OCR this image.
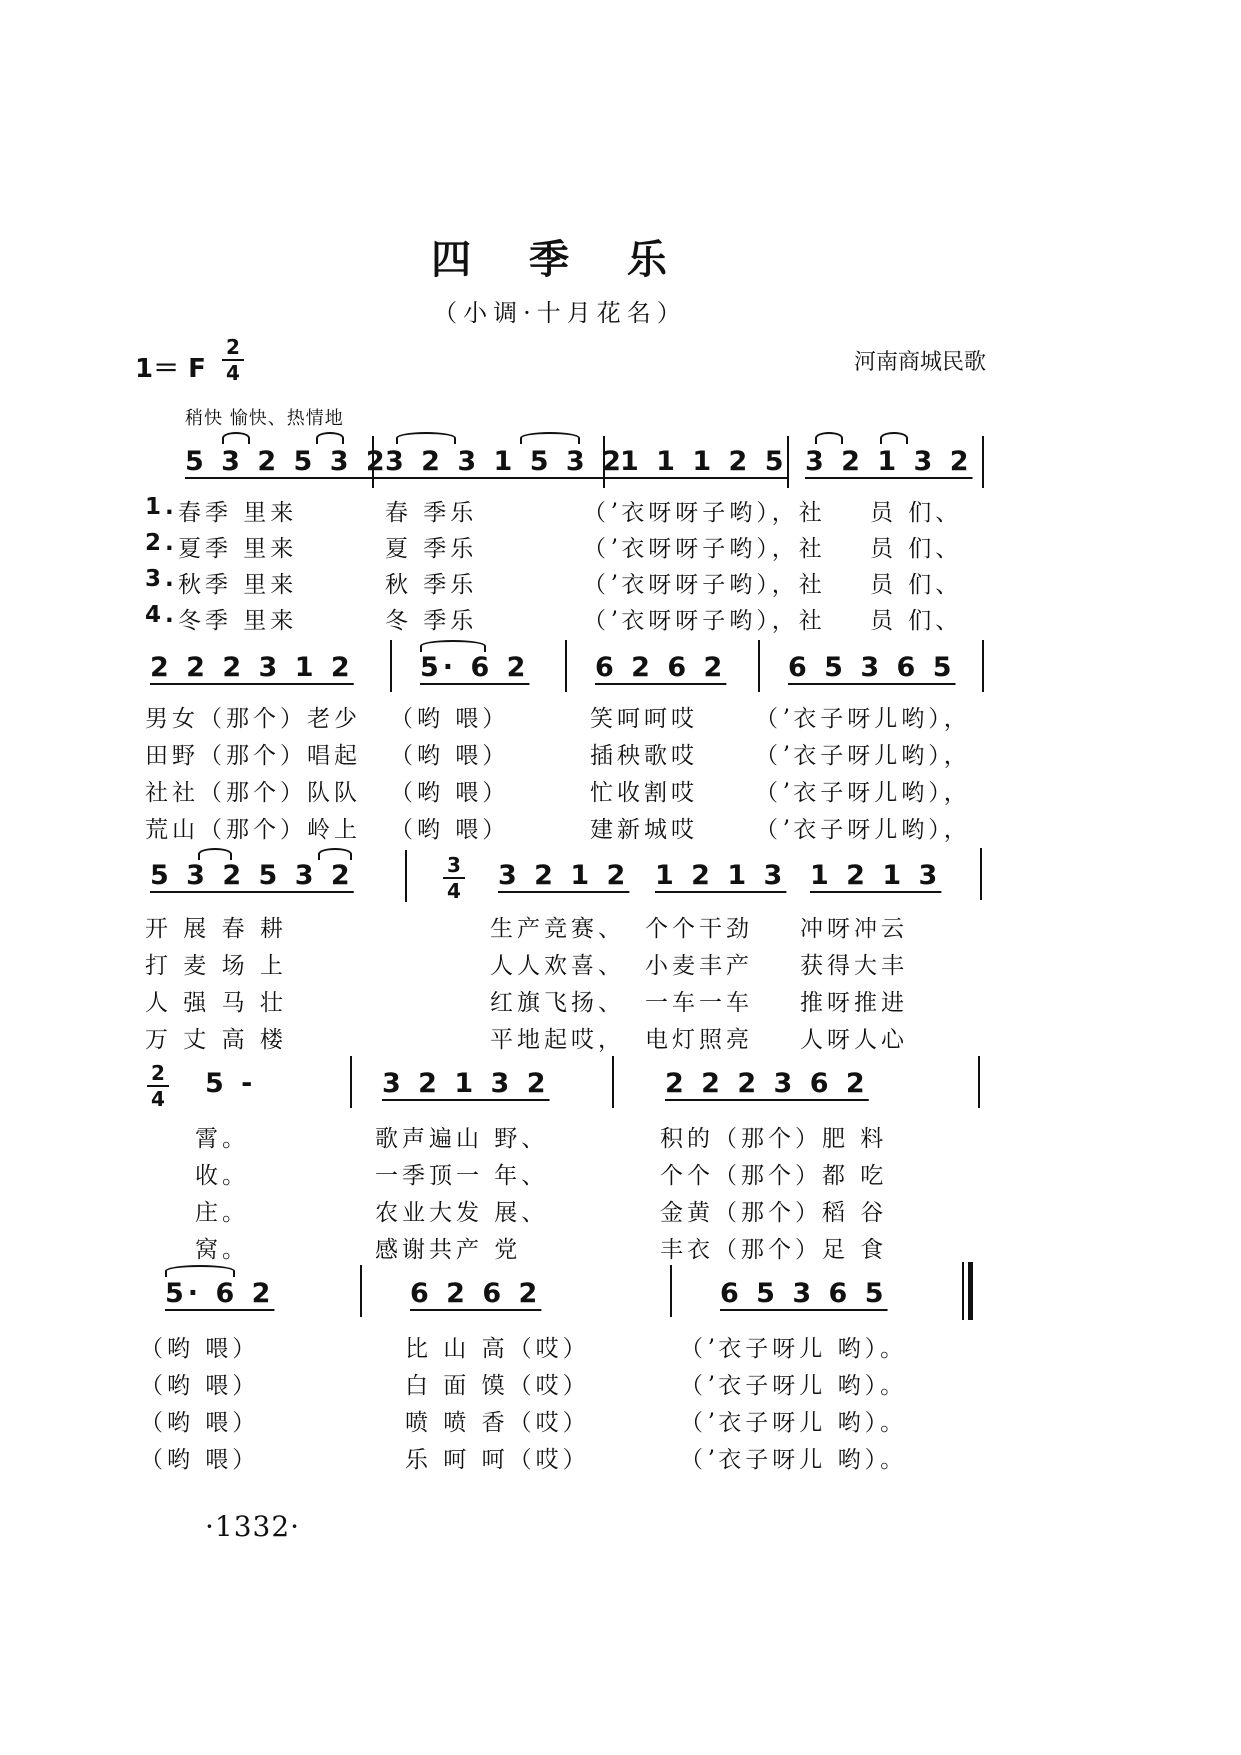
四 季 乐
（小调·十月花名）
1＝ F
2
4	河南商城民歌
稍快 愉快、热情地
5 3 2 5 3 2
3 2 3 1 5 3 2
1 1 1 2 5 3 2 1 3 2
1. 春季 里来	春 季乐	（ʼ衣呀呀子哟），社 员 们、
2. 夏季 里来	夏 季乐	（ʼ衣呀呀子哟），社 员 们、
3. 秋季 里来	秋 季乐	（ʼ衣呀呀子哟），社 员 们、
4. 冬季 里来	冬 季乐	（ʼ衣呀呀子哟），社 员 们、
2 2 2 3 1 2 5· 6 2 6 2 6 2 6 5 3 6 5
男女（那个）老少 （哟 喂）	笑呵呵哎 （ʼ衣子呀儿哟），
田野（那个）唱起 （哟 喂）	插秧歌哎 （ʼ衣子呀儿哟），
社社（那个）队队 （哟 喂）	忙收割哎 （ʼ衣子呀儿哟），
荒山（那个）岭上 （哟 喂）	建新城哎 （ʼ衣子呀儿哟），
5 3 2 5 3 2	3
4 3 2 1 2 1 2 1 3 1 2 1 3
开 展 春 耕	生产竞赛、 个个干劲 冲呀冲云
打 麦 场 上	人人欢喜、 小麦丰产 获得大丰
人 强 马 壮	红旗飞扬、 一车一车 推呀推进
万 丈 高 楼	平地起哎， 电灯照亮 人呀人心
2
4 5 -	3 2 1 3 2	2 2 2 3 6 2
霄。	歌声遍山 野、	积的（那个）肥 料
收。	一季顶一 年、	个个（那个）都 吃
庄。	农业大发 展、	金黄（那个）稻 谷
窝。	感谢共产 党	丰衣（那个）足 食
5· 6 2	6 2 6 2	6 5 3 6 5
（哟 喂）	比 山 高（哎）	（ʼ衣子呀儿 哟）。
（哟 喂）	白 面 馍（哎）	（ʼ衣子呀儿 哟）。
（哟 喂）	喷 喷 香（哎）	（ʼ衣子呀儿 哟）。
（哟 喂）	乐 呵 呵（哎）	（ʼ衣子呀儿 哟）。
·1332·
